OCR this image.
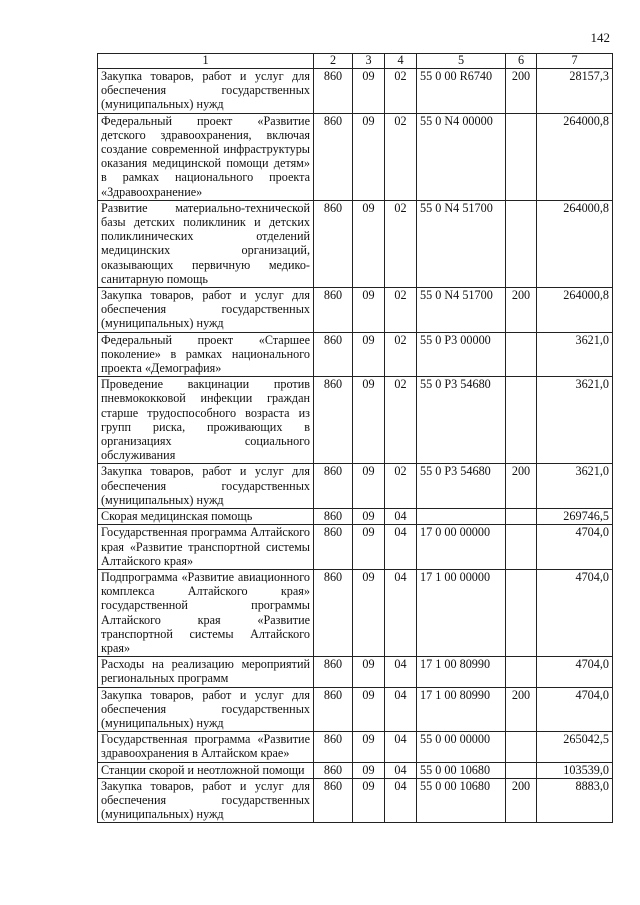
142
1	2	3	4	5	6	7
Закупка товаров, работ и услуг для обеспечения государственных (муниципальных) нужд	860	09	02	55 0 00 R6740	200	28157,3
Федеральный проект «Развитие детского здравоохранения, включая создание современной инфраструктуры оказания медицинской помощи детям» в рамках национального проекта «Здравоохранение»	860	09	02	55 0 N4 00000		264000,8
Развитие материально-технической базы детских поликлиник и детских поликлинических отделений медицинских организаций, оказывающих первичную медико-санитарную помощь	860	09	02	55 0 N4 51700		264000,8
Закупка товаров, работ и услуг для обеспечения государственных (муниципальных) нужд	860	09	02	55 0 N4 51700	200	264000,8
Федеральный проект «Старшее поколение» в рамках национального проекта «Демография»	860	09	02	55 0 P3 00000		3621,0
Проведение вакцинации против пневмококковой инфекции граждан старше трудоспособного возраста из групп риска, проживающих в организациях социального обслуживания	860	09	02	55 0 P3 54680		3621,0
Закупка товаров, работ и услуг для обеспечения государственных (муниципальных) нужд	860	09	02	55 0 P3 54680	200	3621,0
Скорая медицинская помощь	860	09	04			269746,5
Государственная программа Алтайского края «Развитие транспортной системы Алтайского края»	860	09	04	17 0 00 00000		4704,0
Подпрограмма «Развитие авиационного комплекса Алтайского края» государственной программы Алтайского края «Развитие транспортной системы Алтайского края»	860	09	04	17 1 00 00000		4704,0
Расходы на реализацию мероприятий региональных программ	860	09	04	17 1 00 80990		4704,0
Закупка товаров, работ и услуг для обеспечения государственных (муниципальных) нужд	860	09	04	17 1 00 80990	200	4704,0
Государственная программа «Развитие здравоохранения в Алтайском крае»	860	09	04	55 0 00 00000		265042,5
Станции скорой и неотложной помощи	860	09	04	55 0 00 10680		103539,0
Закупка товаров, работ и услуг для обеспечения государственных (муниципальных) нужд	860	09	04	55 0 00 10680	200	8883,0
